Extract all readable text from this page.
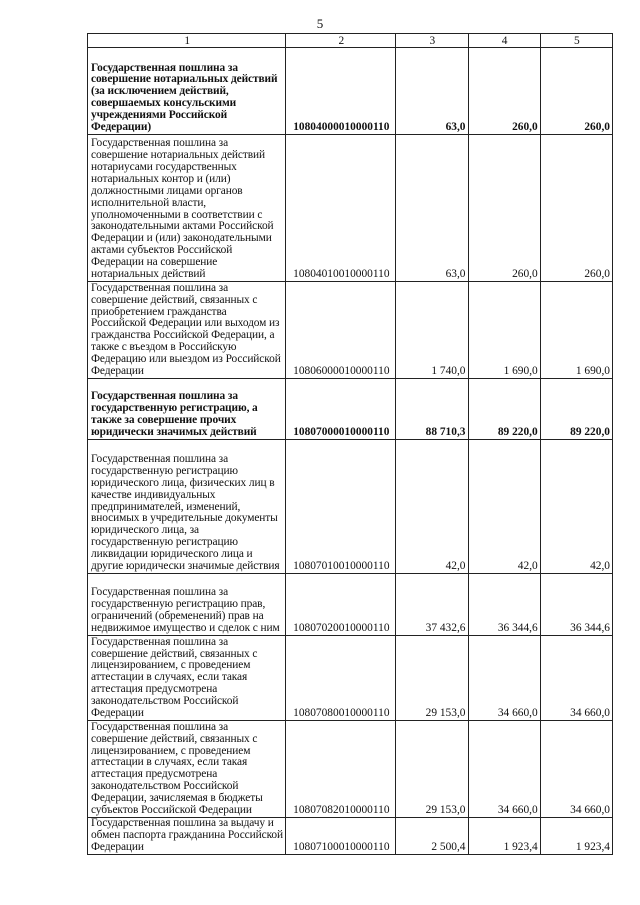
5
1	2	3	4	5
Государственная пошлина за совершение нотариальных действий (за исключением действий, совершаемых консульскими учреждениями Российской Федерации)	10804000010000110	63,0	260,0	260,0
Государственная пошлина за совершение нотариальных действий нотариусами государственных нотариальных контор и (или) должностными лицами органов исполнительной власти, уполномоченными в соответствии с законодательными актами Российской Федерации и (или) законодательными актами субъектов Российской Федерации на совершение нотариальных действий	10804010010000110	63,0	260,0	260,0
Государственная пошлина за совершение действий, связанных с приобретением гражданства Российской Федерации или выходом из гражданства Российской Федерации, а также с въездом в Российскую Федерацию или выездом из Российской Федерации	10806000010000110	1 740,0	1 690,0	1 690,0
Государственная пошлина за государственную регистрацию, а также за совершение прочих юридически значимых действий	10807000010000110	88 710,3	89 220,0	89 220,0
Государственная пошлина за государственную регистрацию юридического лица, физических лиц в качестве индивидуальных предпринимателей, изменений, вносимых в учредительные документы юридического лица, за государственную регистрацию ликвидации юридического лица и другие юридически значимые действия	10807010010000110	42,0	42,0	42,0
Государственная пошлина за государственную регистрацию прав, ограничений (обременений) прав на недвижимое имущество и сделок с ним	10807020010000110	37 432,6	36 344,6	36 344,6
Государственная пошлина за совершение действий, связанных с лицензированием, с проведением аттестации в случаях, если такая аттестация предусмотрена законодательством Российской Федерации	10807080010000110	29 153,0	34 660,0	34 660,0
Государственная пошлина за совершение действий, связанных с лицензированием, с проведением аттестации в случаях, если такая аттестация предусмотрена законодательством Российской Федерации, зачисляемая в бюджеты субъектов Российской Федерации	10807082010000110	29 153,0	34 660,0	34 660,0
Государственная пошлина за выдачу и обмен паспорта гражданина Российской Федерации	10807100010000110	2 500,4	1 923,4	1 923,4
